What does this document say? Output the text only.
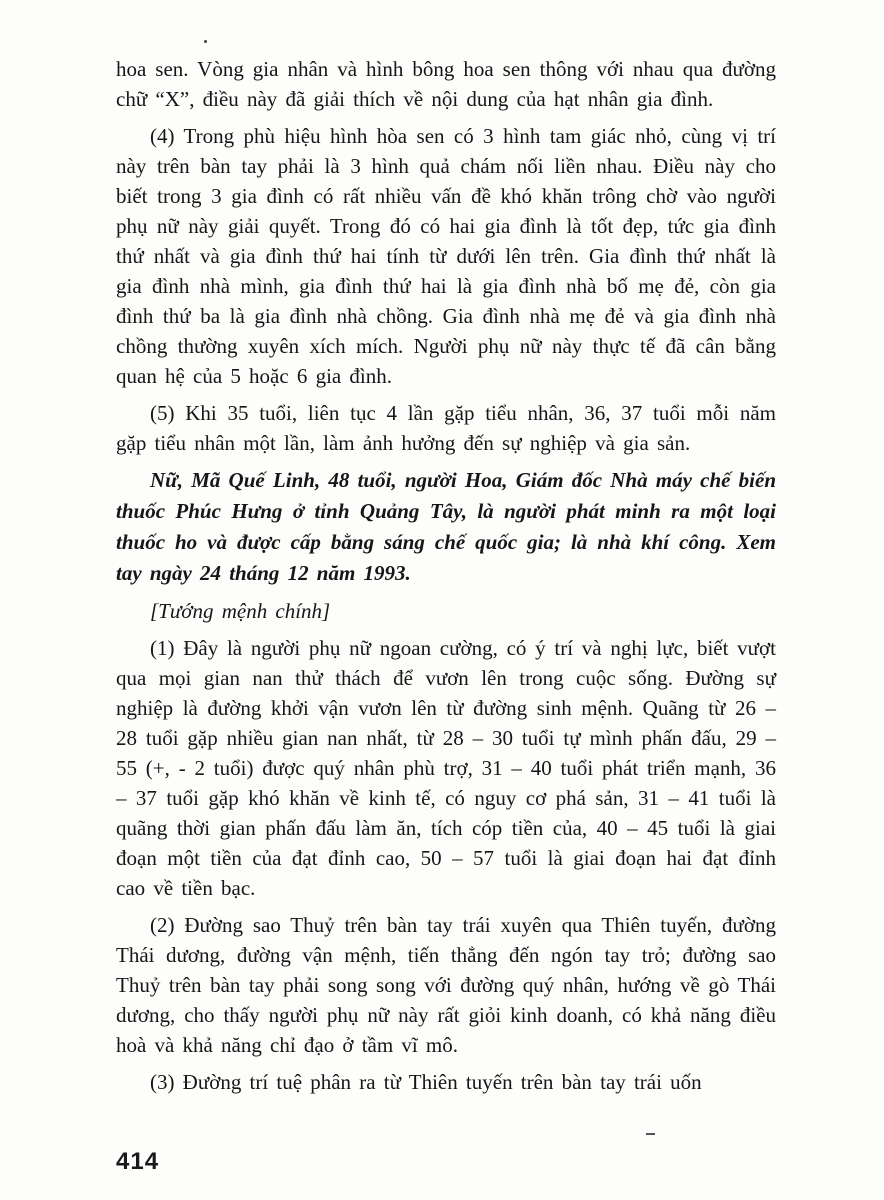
hoa sen. Vòng gia nhân và hình bông hoa sen thông với nhau qua đường chữ “X”, điều này đã giải thích về nội dung của hạt nhân gia đình.

(4) Trong phù hiệu hình hòa sen có 3 hình tam giác nhỏ, cùng vị trí này trên bàn tay phải là 3 hình quả chám nối liền nhau. Điều này cho biết trong 3 gia đình có rất nhiều vấn đề khó khăn trông chờ vào người phụ nữ này giải quyết. Trong đó có hai gia đình là tốt đẹp, tức gia đình thứ nhất và gia đình thứ hai tính từ dưới lên trên. Gia đình thứ nhất là gia đình nhà mình, gia đình thứ hai là gia đình nhà bố mẹ đẻ, còn gia đình thứ ba là gia đình nhà chồng. Gia đình nhà mẹ đẻ và gia đình nhà chồng thường xuyên xích mích. Người phụ nữ này thực tế đã cân bằng quan hệ của 5 hoặc 6 gia đình.

(5) Khi 35 tuổi, liên tục 4 lần gặp tiểu nhân, 36, 37 tuổi mỗi năm gặp tiểu nhân một lần, làm ảnh hưởng đến sự nghiệp và gia sản.

Nữ, Mã Quế Linh, 48 tuổi, người Hoa, Giám đốc Nhà máy chế biến thuốc Phúc Hưng ở tỉnh Quảng Tây, là người phát minh ra một loại thuốc ho và được cấp bằng sáng chế quốc gia; là nhà khí công. Xem tay ngày 24 tháng 12 năm 1993.

[Tướng mệnh chính]

(1) Đây là người phụ nữ ngoan cường, có ý trí và nghị lực, biết vượt qua mọi gian nan thử thách để vươn lên trong cuộc sống. Đường sự nghiệp là đường khởi vận vươn lên từ đường sinh mệnh. Quãng từ 26 – 28 tuổi gặp nhiều gian nan nhất, từ 28 – 30 tuổi tự mình phấn đấu, 29 – 55 (+, - 2 tuổi) được quý nhân phù trợ, 31 – 40 tuổi phát triển mạnh, 36 – 37 tuổi gặp khó khăn về kinh tế, có nguy cơ phá sản, 31 – 41 tuổi là quãng thời gian phấn đấu làm ăn, tích cóp tiền của, 40 – 45 tuổi là giai đoạn một tiền của đạt đỉnh cao, 50 – 57 tuổi là giai đoạn hai đạt đỉnh cao về tiền bạc.

(2) Đường sao Thuỷ trên bàn tay trái xuyên qua Thiên tuyến, đường Thái dương, đường vận mệnh, tiến thẳng đến ngón tay trỏ; đường sao Thuỷ trên bàn tay phải song song với đường quý nhân, hướng về gò Thái dương, cho thấy người phụ nữ này rất giỏi kinh doanh, có khả năng điều hoà và khả năng chỉ đạo ở tầm vĩ mô.

(3) Đường trí tuệ phân ra từ Thiên tuyến trên bàn tay trái uốn

414
